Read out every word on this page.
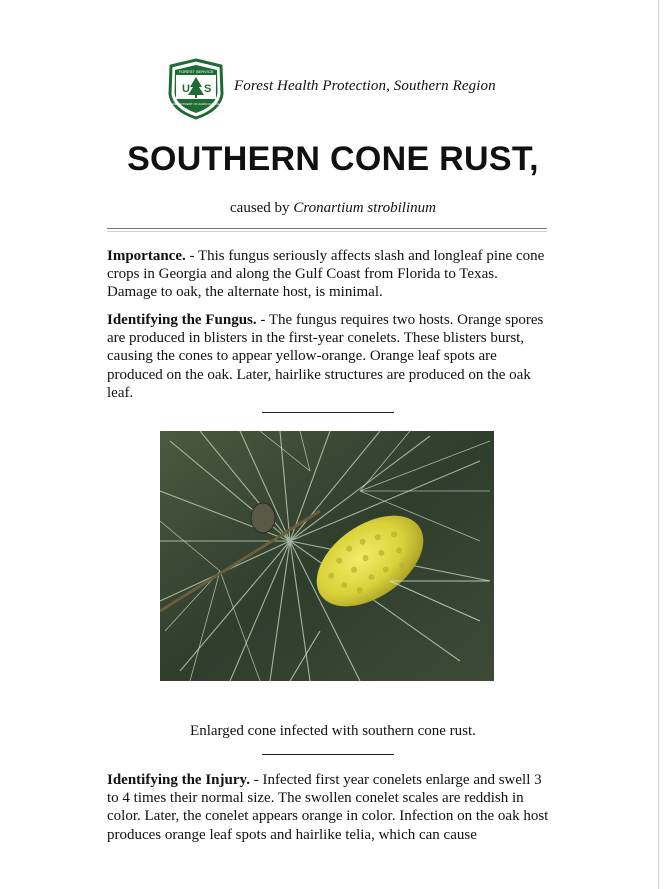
U S
FOREST SERVICE
DEPARTMENT OF AGRICULTURE
Forest Health Protection, Southern Region
SOUTHERN CONE RUST,
caused by Cronartium strobilinum

Importance. - This fungus seriously affects slash and longleaf pine cone crops in Georgia and along the Gulf Coast from Florida to Texas. Damage to oak, the alternate host, is minimal.

Identifying the Fungus. - The fungus requires two hosts. Orange spores are produced in blisters in the first-year conelets. These blisters burst, causing the cones to appear yellow-orange. Orange leaf spots are produced on the oak. Later, hairlike structures are produced on the oak leaf.

Enlarged cone infected with southern cone rust.

Identifying the Injury. - Infected first year conelets enlarge and swell 3 to 4 times their normal size. The swollen conelet scales are reddish in color. Later, the conelet appears orange in color. Infection on the oak host produces orange leaf spots and hairlike telia, which can cause
